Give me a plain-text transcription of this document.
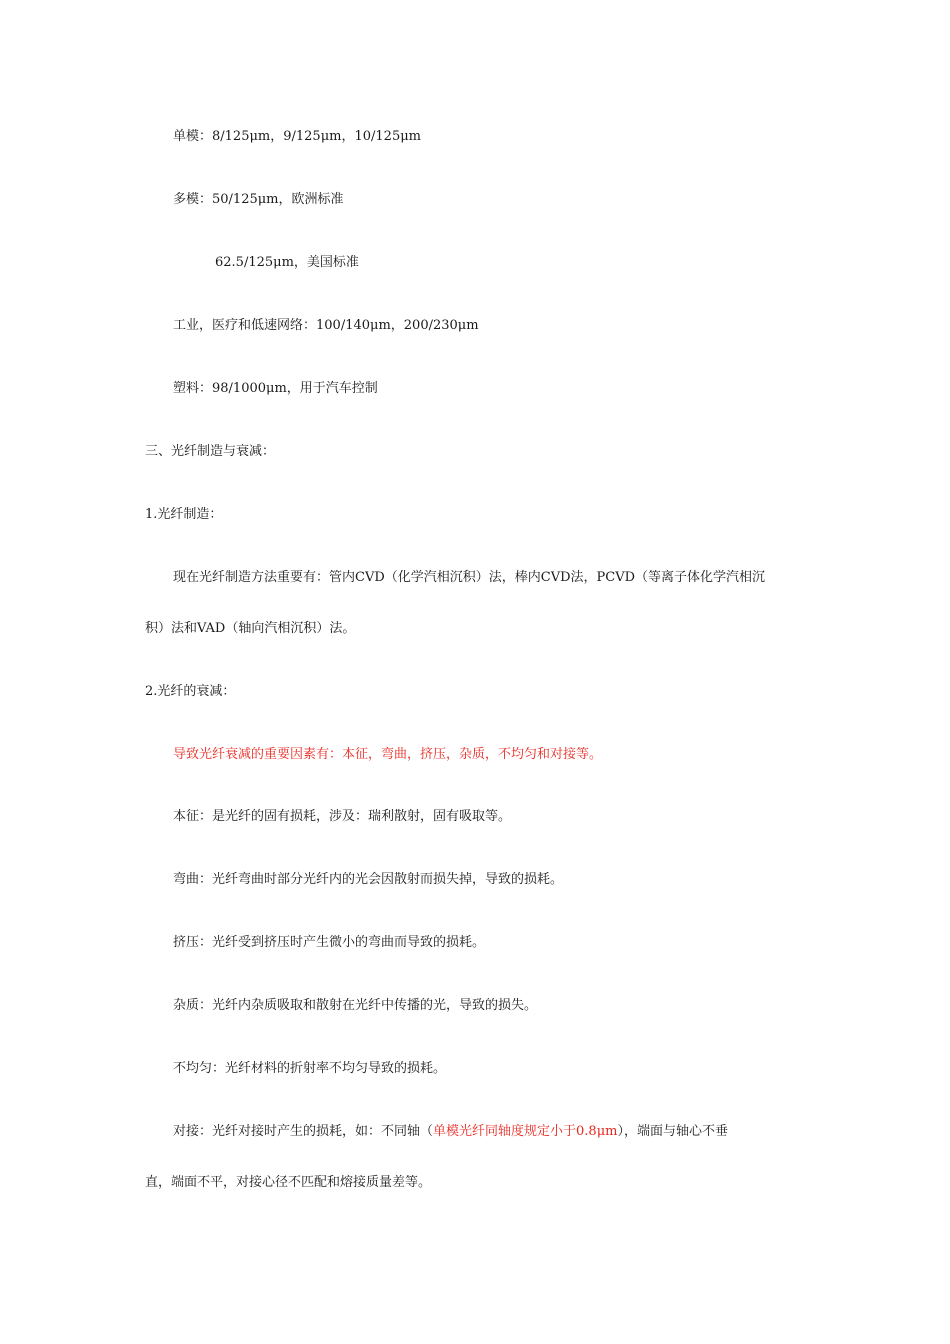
单模：8/125μm，9/125μm，10/125μm
多模：50/125μm，欧洲标准
62.5/125μm，美国标准
工业，医疗和低速网络：100/140μm，200/230μm
塑料：98/1000μm，用于汽车控制
三、光纤制造与衰减：
1.光纤制造：
现在光纤制造方法重要有：管内CVD（化学汽相沉积）法，棒内CVD法，PCVD（等离子体化学汽相沉
积）法和VAD（轴向汽相沉积）法。
2.光纤的衰减：
导致光纤衰减的重要因素有：本征，弯曲，挤压，杂质，不均匀和对接等。
本征：是光纤的固有损耗，涉及：瑞利散射，固有吸取等。
弯曲：光纤弯曲时部分光纤内的光会因散射而损失掉，导致的损耗。
挤压：光纤受到挤压时产生微小的弯曲而导致的损耗。
杂质：光纤内杂质吸取和散射在光纤中传播的光，导致的损失。
不均匀：光纤材料的折射率不均匀导致的损耗。
对接：光纤对接时产生的损耗，如：不同轴（单模光纤同轴度规定小于0.8μm），端面与轴心不垂
直，端面不平，对接心径不匹配和熔接质量差等。
